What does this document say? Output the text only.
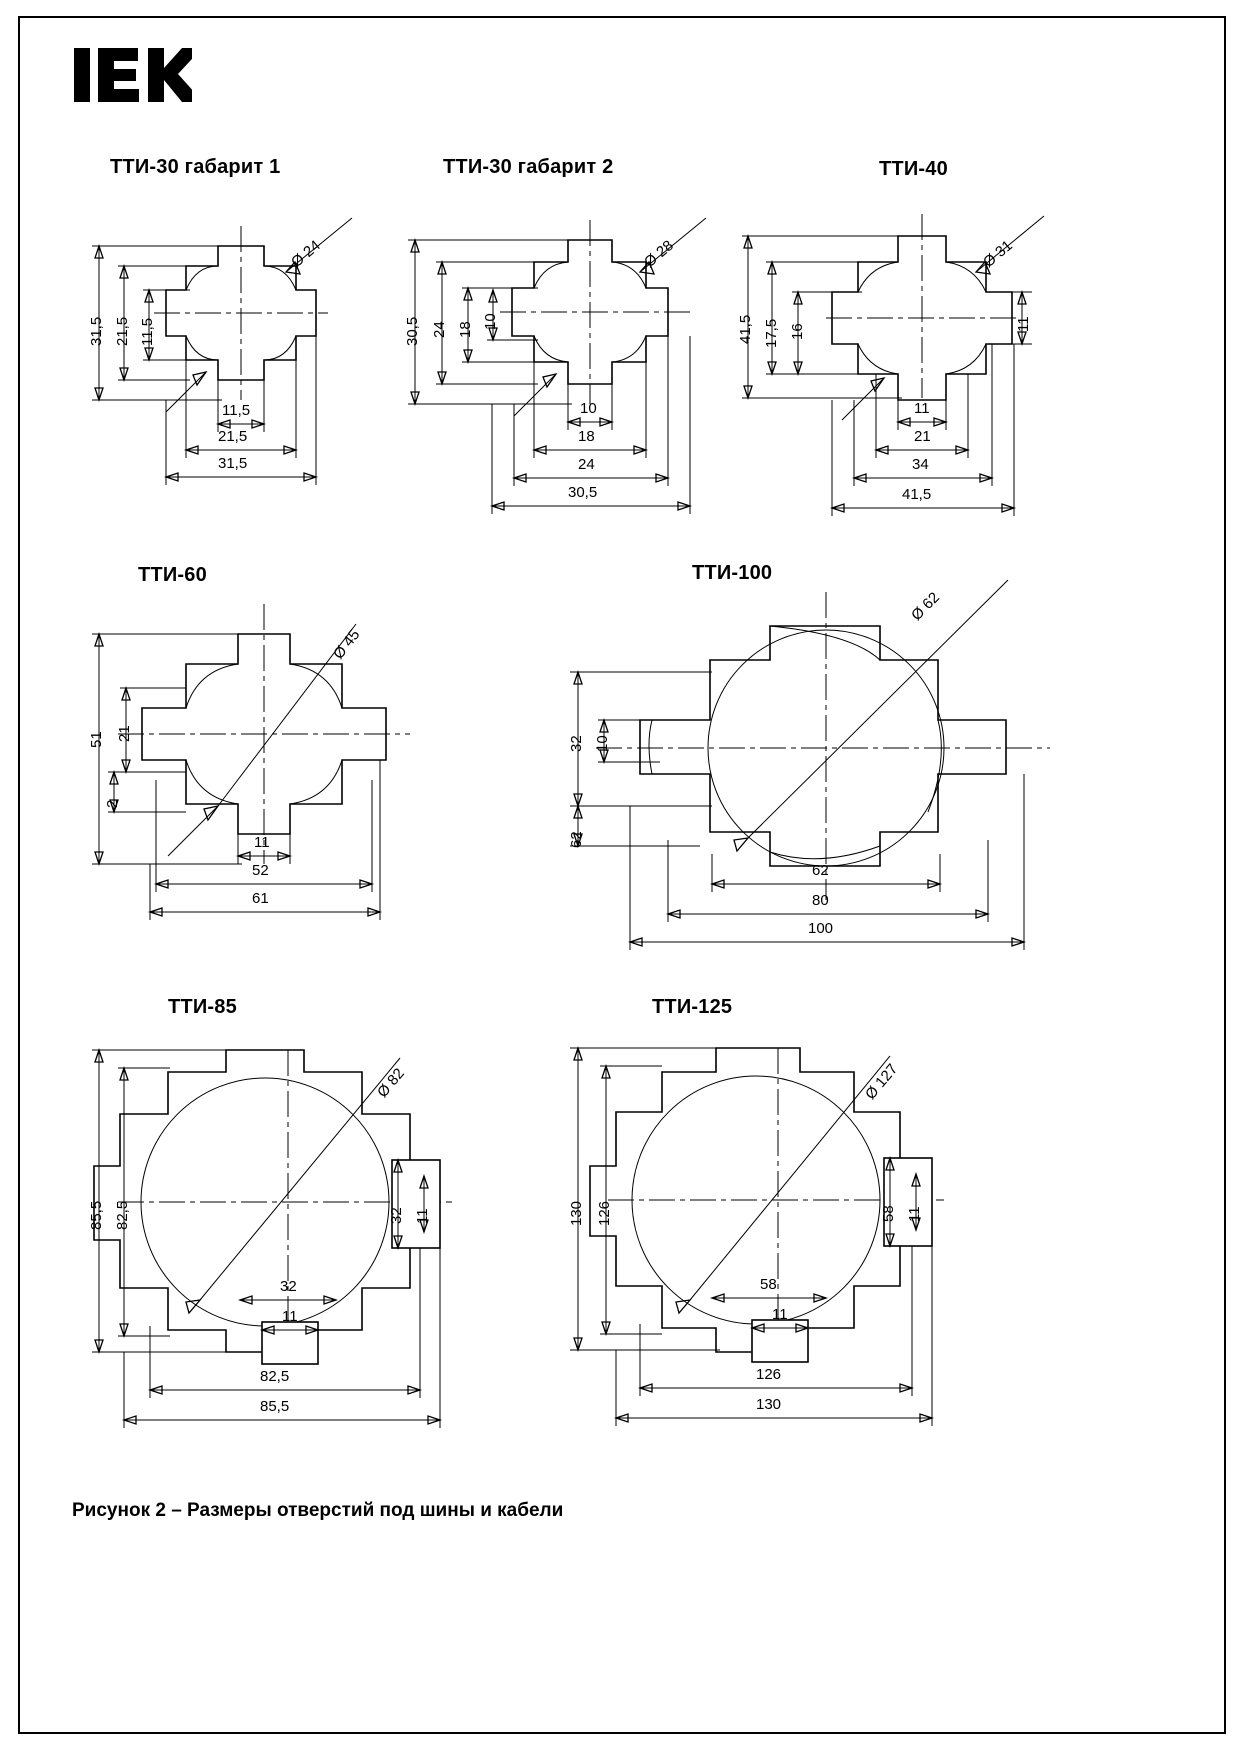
ТТИ-30 габарит 1	ТТИ-30 габарит 2	ТТИ-40
ТТИ-60	ТТИ-100
ТТИ-85	ТТИ-125
Ø 24	Ø 28	Ø 31
Ø 45
Ø 62
Ø 82	Ø 127
31,5 21,5 11,5
11,5
21,5
31,5
30,5 24 18 10
10
18
24
30,5
41,5 17,5 16	11
11
21
34
41,5
51 21
2
11
52
61
32 10
62
62
80
100
85,5 82,5	32 11
32
11
82,5
85,5
130 126	58 11
58
11
126
130
Рисунок 2 – Размеры отверстий под шины и кабели
